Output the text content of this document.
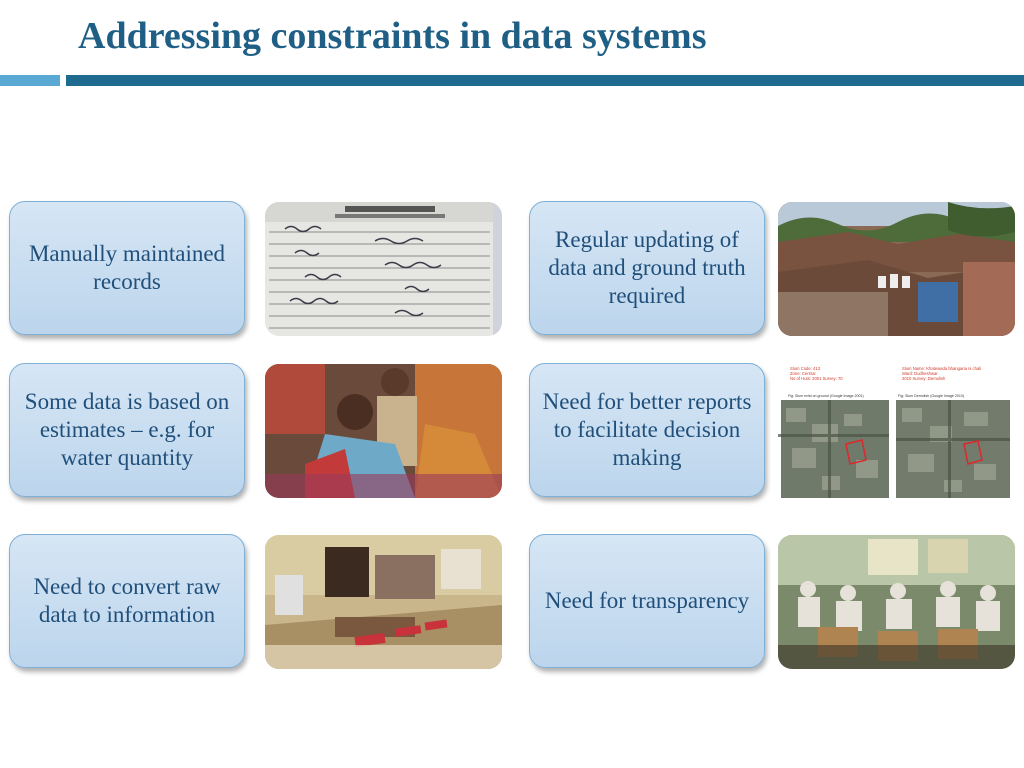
Addressing constraints in data systems
Manually maintained records
Regular updating of data and ground truth required
Some data is based on estimates – e.g. for water quantity
Need for better reports to facilitate decision making
Slum Code: 413
Zone: Central
No of Huts: 2001 Survey: 70
Slum Name: Khatewada bhangaria ni chali
Ward: Dudheshwar
2010 Survey: Demolish
Fig: Slum exist on ground (Google Image 2001)	Fig: Slum Demolish (Google Image 2010)
Need to convert raw data to information
Need for transparency
